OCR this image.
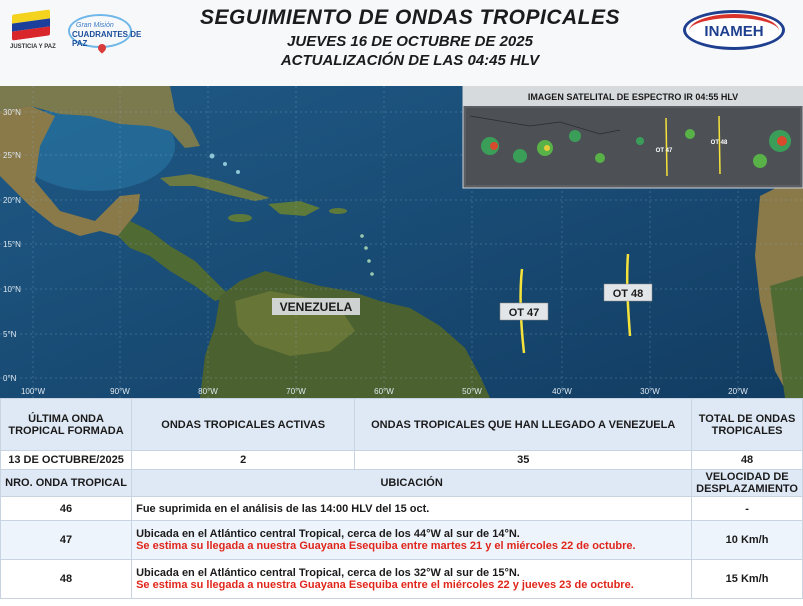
JUSTICIA Y PAZ
Gran Misión
CUADRANTES DE PAZ
SEGUIMIENTO DE ONDAS TROPICALES
JUEVES 16 DE OCTUBRE DE 2025
ACTUALIZACIÓN DE LAS 04:45 HLV
INAMEH
30°N
25°N
20°N
15°N
10°N
5°N
0°N
100°W	90°W	80°W	70°W	60°W	50°W	40°W	30°W	20°W
VENEZUELA	OT 47
OT 48
IMAGEN SATELITAL DE ESPECTRO IR 04:55 HLV
OT 47
OT 48
ÚLTIMA ONDA TROPICAL FORMADA	ONDAS TROPICALES ACTIVAS	ONDAS TROPICALES QUE HAN LLEGADO A VENEZUELA	TOTAL DE ONDAS TROPICALES
13 DE OCTUBRE/2025	2	35	48
NRO. ONDA TROPICAL	UBICACIÓN		VELOCIDAD DE DESPLAZAMIENTO
46	Fue suprimida en el análisis de las 14:00 HLV del 15 oct.		-
47	Ubicada en el Atlántico central Tropical, cerca de los 44°W al sur de 14°N.
Se estima su llegada a nuestra Guayana Esequiba entre martes 21 y el miércoles 22 de octubre.		10 Km/h
48	Ubicada en el Atlántico central Tropical, cerca de los 32°W al sur de 15°N.
Se estima su llegada a nuestra Guayana Esequiba entre el miércoles 22 y jueves 23 de octubre.		15 Km/h
